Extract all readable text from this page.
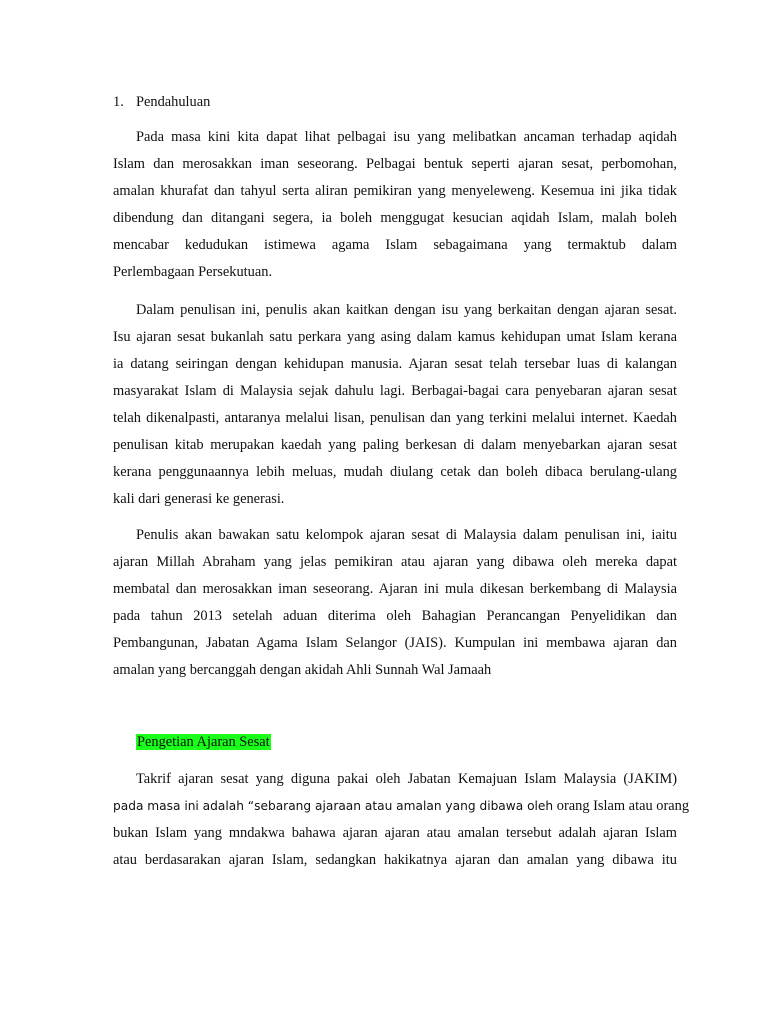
1. Pendahuluan
Pada masa kini kita dapat lihat pelbagai isu yang melibatkan ancaman terhadap aqidah
Islam dan merosakkan iman seseorang. Pelbagai bentuk seperti ajaran sesat, perbomohan,
amalan khurafat dan tahyul serta aliran pemikiran yang menyeleweng. Kesemua ini jika tidak
dibendung dan ditangani segera, ia boleh menggugat kesucian aqidah Islam, malah boleh
mencabar kedudukan istimewa agama Islam sebagaimana yang termaktub dalam
Perlembagaan Persekutuan.
Dalam penulisan ini, penulis akan kaitkan dengan isu yang berkaitan dengan ajaran sesat.
Isu ajaran sesat bukanlah satu perkara yang asing dalam kamus kehidupan umat Islam kerana
ia datang seiringan dengan kehidupan manusia. Ajaran sesat telah tersebar luas di kalangan
masyarakat Islam di Malaysia sejak dahulu lagi. Berbagai-bagai cara penyebaran ajaran sesat
telah dikenalpasti, antaranya melalui lisan, penulisan dan yang terkini melalui internet. Kaedah
penulisan kitab merupakan kaedah yang paling berkesan di dalam menyebarkan ajaran sesat
kerana penggunaannya lebih meluas, mudah diulang cetak dan boleh dibaca berulang-ulang
kali dari generasi ke generasi.
Penulis akan bawakan satu kelompok ajaran sesat di Malaysia dalam penulisan ini, iaitu
ajaran Millah Abraham yang jelas pemikiran atau ajaran yang dibawa oleh mereka dapat
membatal dan merosakkan iman seseorang. Ajaran ini mula dikesan berkembang di Malaysia
pada tahun 2013 setelah aduan diterima oleh Bahagian Perancangan Penyelidikan dan
Pembangunan, Jabatan Agama Islam Selangor (JAIS). Kumpulan ini membawa ajaran dan
amalan yang bercanggah dengan akidah Ahli Sunnah Wal Jamaah
Pengetian Ajaran Sesat
Takrif ajaran sesat yang diguna pakai oleh Jabatan Kemajuan Islam Malaysia (JAKIM)
pada masa ini adalah “sebarang ajaraan atau amalan yang dibawa oleh orang Islam atau orang
bukan Islam yang mndakwa bahawa ajaran ajaran atau amalan tersebut adalah ajaran Islam
atau berdasarakan ajaran Islam, sedangkan hakikatnya ajaran dan amalan yang dibawa itu
